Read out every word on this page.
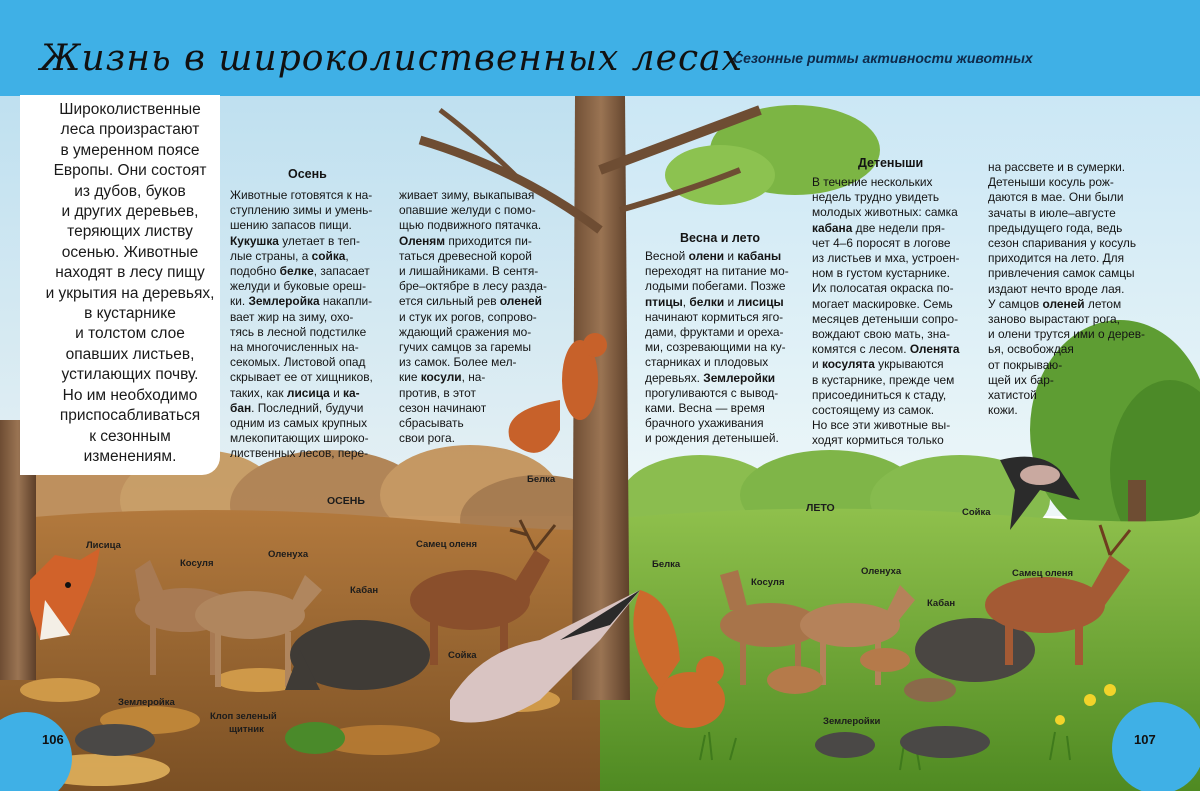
Жизнь в широколиственных лесах
Сезонные ритмы активности животных
Широколиственные
леса произрастают
в умеренном поясе
Европы. Они состоят
из дубов, буков
и других деревьев,
теряющих листву
осенью. Животные
находят в лесу пищу
и укрытия на деревьях,
в кустарнике
и толстом слое
опавших листьев,
устилающих почву.
Но им необходимо
приспосабливаться
к сезонным
изменениям.
Осень
Животные готовятся к на-
ступлению зимы и умень-
шению запасов пищи.
Кукушка улетает в теп-
лые страны, а сойка,
подобно белке, запасает
желуди и буковые ореш-
ки. Землеройка накапли-
вает жир на зиму, охо-
тясь в лесной подстилке
на многочисленных на-
секомых. Листовой опад
скрывает ее от хищников,
таких, как лисица и ка-
бан. Последний, будучи
одним из самых крупных
млекопитающих широко-
лиственных лесов, пере-
живает зиму, выкапывая
опавшие желуди с помо-
щью подвижного пятачка.
Оленям приходится пи-
таться древесной корой
и лишайниками. В сентя-
бре–октябре в лесу разда-
ется сильный рев оленей
и стук их рогов, сопрово-
ждающий сражения мо-
гучих самцов за гаремы
из самок. Более мел-
кие косули, на-
против, в этот
сезон начинают
сбрасывать
свои рога.
Весна и лето
Весной олени и кабаны
переходят на питание мо-
лодыми побегами. Позже
птицы, белки и лисицы
начинают кормиться яго-
дами, фруктами и ореха-
ми, созревающими на ку-
старниках и плодовых
деревьях. Землеройки
прогуливаются с вывод-
ками. Весна — время
брачного ухаживания
и рождения детенышей.
Детеныши
В течение нескольких
недель трудно увидеть
молодых животных: самка
кабана две недели пря-
чет 4–6 поросят в логове
из листьев и мха, устроен-
ном в густом кустарнике.
Их полосатая окраска по-
могает маскировке. Семь
месяцев детеныши сопро-
вождают свою мать, зна-
комятся с лесом. Оленята
и косулята укрываются
в кустарнике, прежде чем
присоединиться к стаду,
состоящему из самок.
Но все эти животные вы-
ходят кормиться только
на рассвете и в сумерки.
Детеныши косуль рож-
даются в мае. Они были
зачаты в июле–августе
предыдущего года, ведь
сезон спаривания у косуль
приходится на лето. Для
привлечения самок самцы
издают нечто вроде лая.
У самцов оленей летом
заново вырастают рога,
и олени трутся ими о дерев-
ья, освобождая
от покрываю-
щей их бар-
хатистой
кожи.
ОСЕНЬ
ЛЕТО
Лисица
Косуля
Оленуха
Самец оленя
Кабан
Сойка
Землеройка
Клоп зеленый
щитник
Белка
Белка
Косуля
Оленуха
Кабан
Самец оленя
Сойка
Землеройки
106	107
